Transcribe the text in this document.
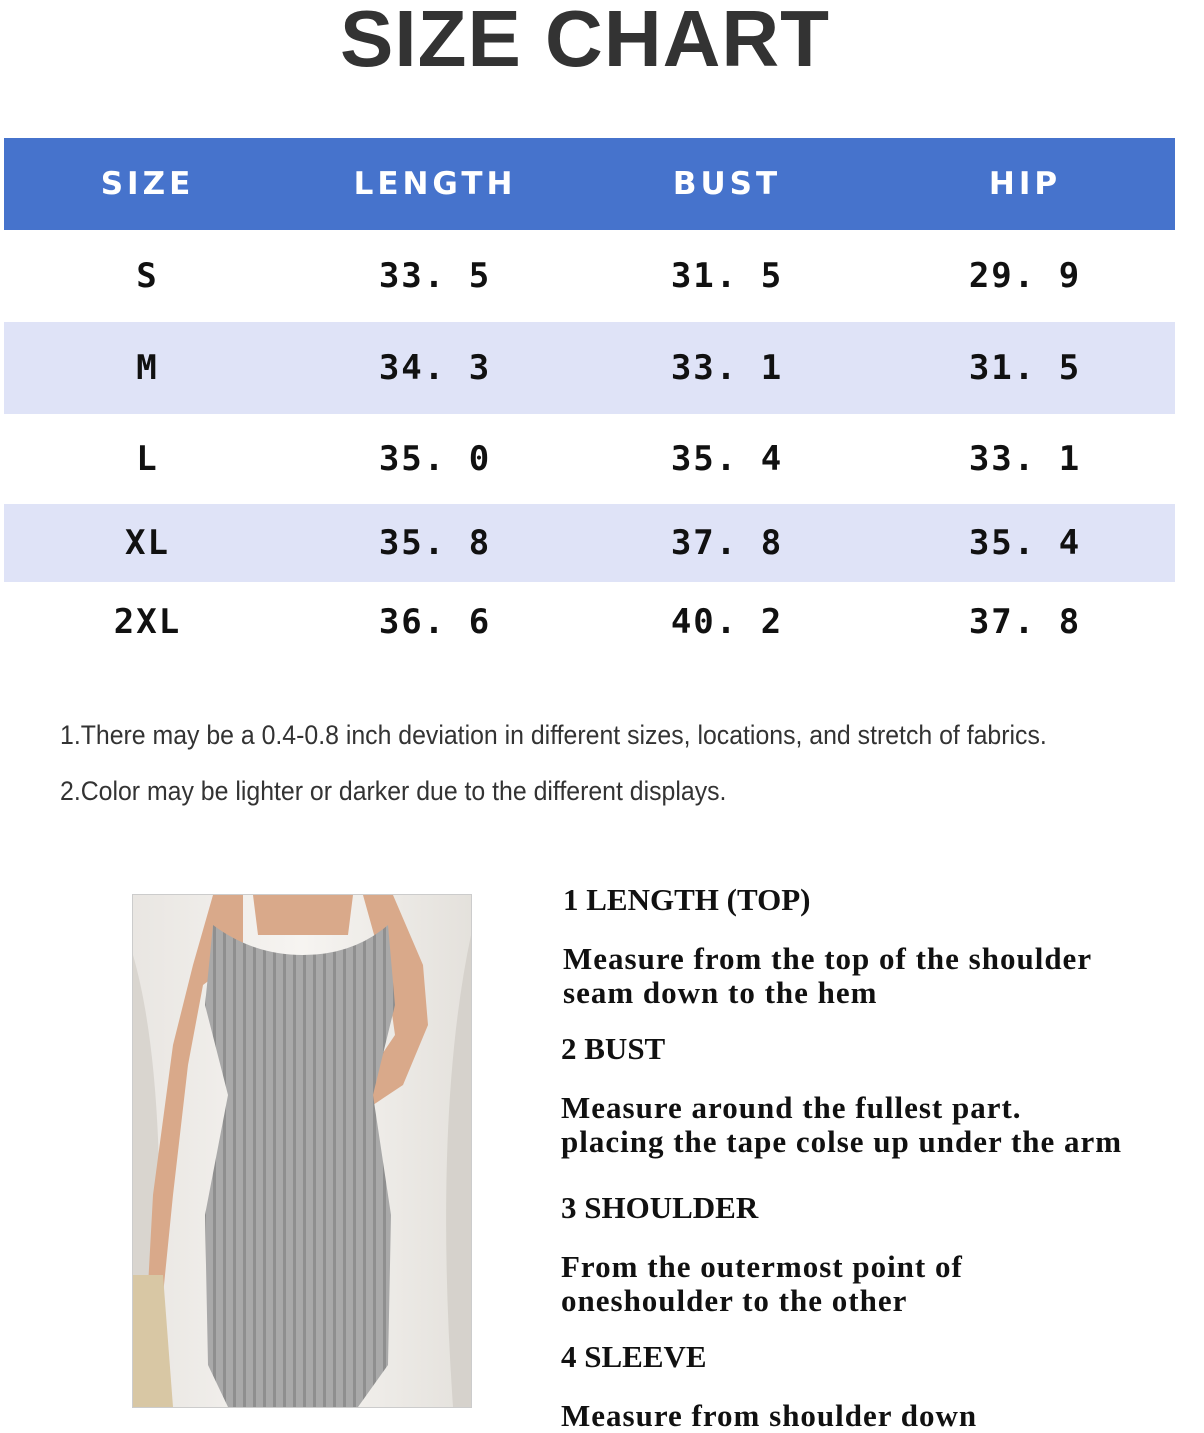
SIZE CHART
SIZE	LENGTH	BUST	HIP
S	33. 5	31. 5	29. 9
M	34. 3	33. 1	31. 5
L	35. 0	35. 4	33. 1
XL	35. 8	37. 8	35. 4
2XL	36. 6	40. 2	37. 8
1.There may be a 0.4-0.8 inch deviation in different sizes, locations, and stretch of fabrics.
2.Color may be lighter or darker due to the different displays.
1 LENGTH (TOP)
Measure from the top of the shoulder
seam down to the hem
2 BUST
Measure around the fullest part.
placing the tape colse up under the arm
3 SHOULDER
From the outermost point of
oneshoulder to the other
4 SLEEVE
Measure from shoulder down
